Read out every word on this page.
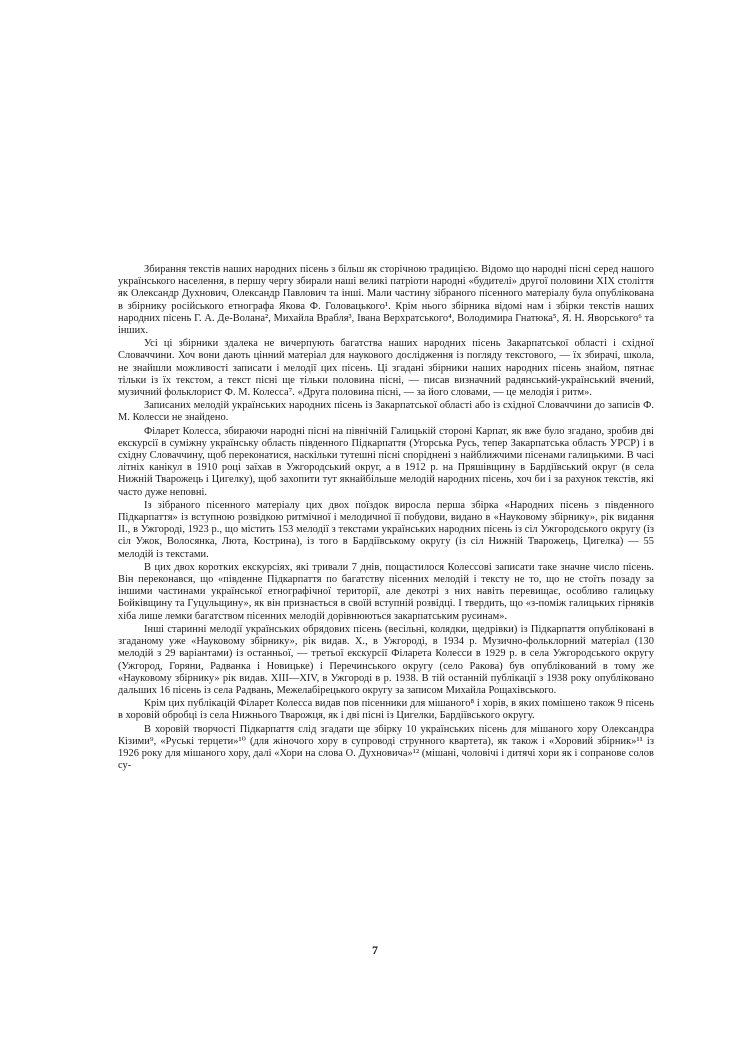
Збирання текстів наших народних пісень з більш як сторічною традицією. Відомо що народні пісні серед нашого українського населення, в першу чергу збирали наші великі патріоти народні «будителі» другої половини XIX століття як Олександр Духнович, Олександр Павлович та інші. Мали частину зібраного пісенного матеріалу була опублікована в збірнику російського етнографа Якова Ф. Головацького¹. Крім нього збірника відомі нам і збірки текстів наших народних пісень Г. А. Де-Волана², Михайла Врабля³, Івана Верхратського⁴, Володимира Гнатюка⁵, Я. Н. Яворського⁶ та інших.

Усі ці збірники здалека не вичерпують багатства наших народних пісень Закарпатської області і східної Словаччини. Хоч вони дають цінний матеріал для наукового дослідження із погляду текстового, — їх збирачі, школа, не знайшли можливості записати і мелодії цих пісень. Ці згадані збірники наших народних пісень знайом, пятнає тільки із їх текстом, а текст пісні ще тільки половина пісні, — писав визначний радянський-український вчений, музичний фольклорист Ф. М. Колесса⁷. «Друга половина пісні, — за його словами, — це мелодія і ритм».

Записаних мелодій українських народних пісень із Закарпатської області або із східної Словаччини до записів Ф. М. Колесси не знайдено.

Філарет Колесса, збираючи народні пісні на північній Галицькій стороні Карпат, як вже було згадано, зробив дві екскурсії в суміжну українську область південного Підкарпаття (Угорська Русь, тепер Закарпатська область УРСР) і в східну Словаччину, щоб переконатися, наскільки тутешні пісні споріднені з найближчими пісенами галицькими. В часі літніх канікул в 1910 році заїхав в Ужгородський округ, а в 1912 р. на Пряшівщину в Бардіївський округ (в села Нижній Тварожець і Цигелку), щоб захопити тут якнайбільше мелодій народних пісень, хоч би і за рахунок текстів, які часто дуже неповні.

Із зібраного пісенного матеріалу цих двох поїздок виросла перша збірка «Народних пісень з південного Підкарпаття» із вступною розвідкою ритмічної і мелодичної її побудови, видано в «Науковому збірнику», рік видання II., в Ужгороді, 1923 р., що містить 153 мелодії з текстами українських народних пісень із сіл Ужгородського округу (із сіл Ужок, Волосянка, Люта, Кострина), із того в Бардіївському округу (із сіл Нижній Тварожець, Цигелка) — 55 мелодій із текстами.

В цих двох коротких екскурсіях, які тривали 7 днів, пощастилося Колессові записати таке значне число пісень. Він переконався, що «південне Підкарпаття по багатству пісенних мелодій і тексту не то, що не стоїть позаду за іншими частинами української етнографічної території, але декотрі з них навіть перевищає, особливо галицьку Бойківщину та Гуцульщину», як він признається в своїй вступній розвідці. І твердить, що «з-поміж галицьких гірняків хіба лише лемки багатством пісенних мелодій дорівнюються закарпатським русинам».

Інші старинні мелодії українських обрядових пісень (весільні, колядки, щедрівки) із Підкарпаття опубліковані в згаданому уже «Науковому збірнику», рік видав. X., в Ужгороді, в 1934 р. Музично-фольклорний матеріал (130 мелодій з 29 варіантами) із останньої, — третьої екскурсії Філарета Колесси в 1929 р. в села Ужгородського округу (Ужгород, Горяни, Радванка і Новицьке) і Перечинського округу (село Ракова) був опублікований в тому же «Науковому збірнику» рік видав. XIII—XIV, в Ужгороді в р. 1938. В тій останній публікації з 1938 року опубліковано дальших 16 пісень із села Радвань, Межелабірецького округу за записом Михайла Рощахівського.

Крім цих публікацій Філарет Колесса видав пов пісенники для мішаного⁸ і хорів, в яких помішено також 9 пісень в хоровій обробці із села Нижнього Тварожця, як і дві пісні із Цигелки, Бардіївського округу.

В хоровій творчості Підкарпаття слід згадати ще збірку 10 українських пісень для мішаного хору Олександра Кізими⁹, «Руські терцети»¹⁰ (для жіночого хору в супроводі струнного квартета), як також і «Хоровий збірник»¹¹ із 1926 року для мішаного хору, далі «Хори на слова О. Духновича»¹² (мішані, чоловічі і дитячі хори як і сопранове солов су-

7
